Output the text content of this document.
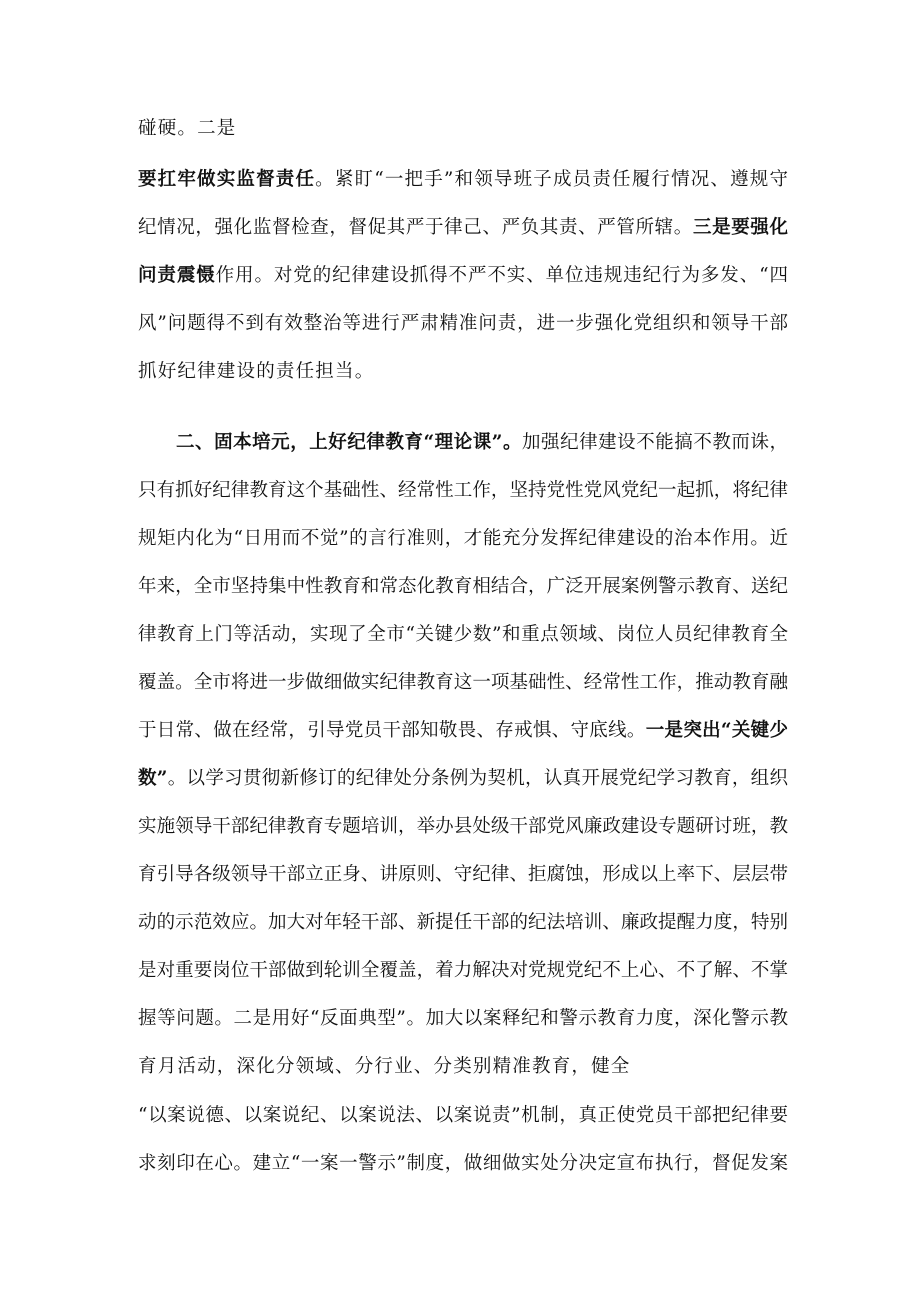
碰硬。二是
要扛牢做实监督责任。紧盯“一把手”和领导班子成员责任履行情况、遵规守
纪情况，强化监督检查，督促其严于律己、严负其责、严管所辖。三是要强化
问责震慑作用。对党的纪律建设抓得不严不实、单位违规违纪行为多发、“四
风”问题得不到有效整治等进行严肃精准问责，进一步强化党组织和领导干部
抓好纪律建设的责任担当。
二、固本培元，上好纪律教育“理论课”。加强纪律建设不能搞不教而诛，
只有抓好纪律教育这个基础性、经常性工作，坚持党性党风党纪一起抓，将纪律
规矩内化为“日用而不觉”的言行准则，才能充分发挥纪律建设的治本作用。近
年来，全市坚持集中性教育和常态化教育相结合，广泛开展案例警示教育、送纪
律教育上门等活动，实现了全市“关键少数”和重点领域、岗位人员纪律教育全
覆盖。全市将进一步做细做实纪律教育这一项基础性、经常性工作，推动教育融
于日常、做在经常，引导党员干部知敬畏、存戒惧、守底线。一是突出“关键少
数”。以学习贯彻新修订的纪律处分条例为契机，认真开展党纪学习教育，组织
实施领导干部纪律教育专题培训，举办县处级干部党风廉政建设专题研讨班，教
育引导各级领导干部立正身、讲原则、守纪律、拒腐蚀，形成以上率下、层层带
动的示范效应。加大对年轻干部、新提任干部的纪法培训、廉政提醒力度，特别
是对重要岗位干部做到轮训全覆盖，着力解决对党规党纪不上心、不了解、不掌
握等问题。二是用好“反面典型”。加大以案释纪和警示教育力度，深化警示教
育月活动，深化分领域、分行业、分类别精准教育，健全
“以案说德、以案说纪、以案说法、以案说责”机制，真正使党员干部把纪律要
求刻印在心。建立“一案一警示”制度，做细做实处分决定宣布执行，督促发案
